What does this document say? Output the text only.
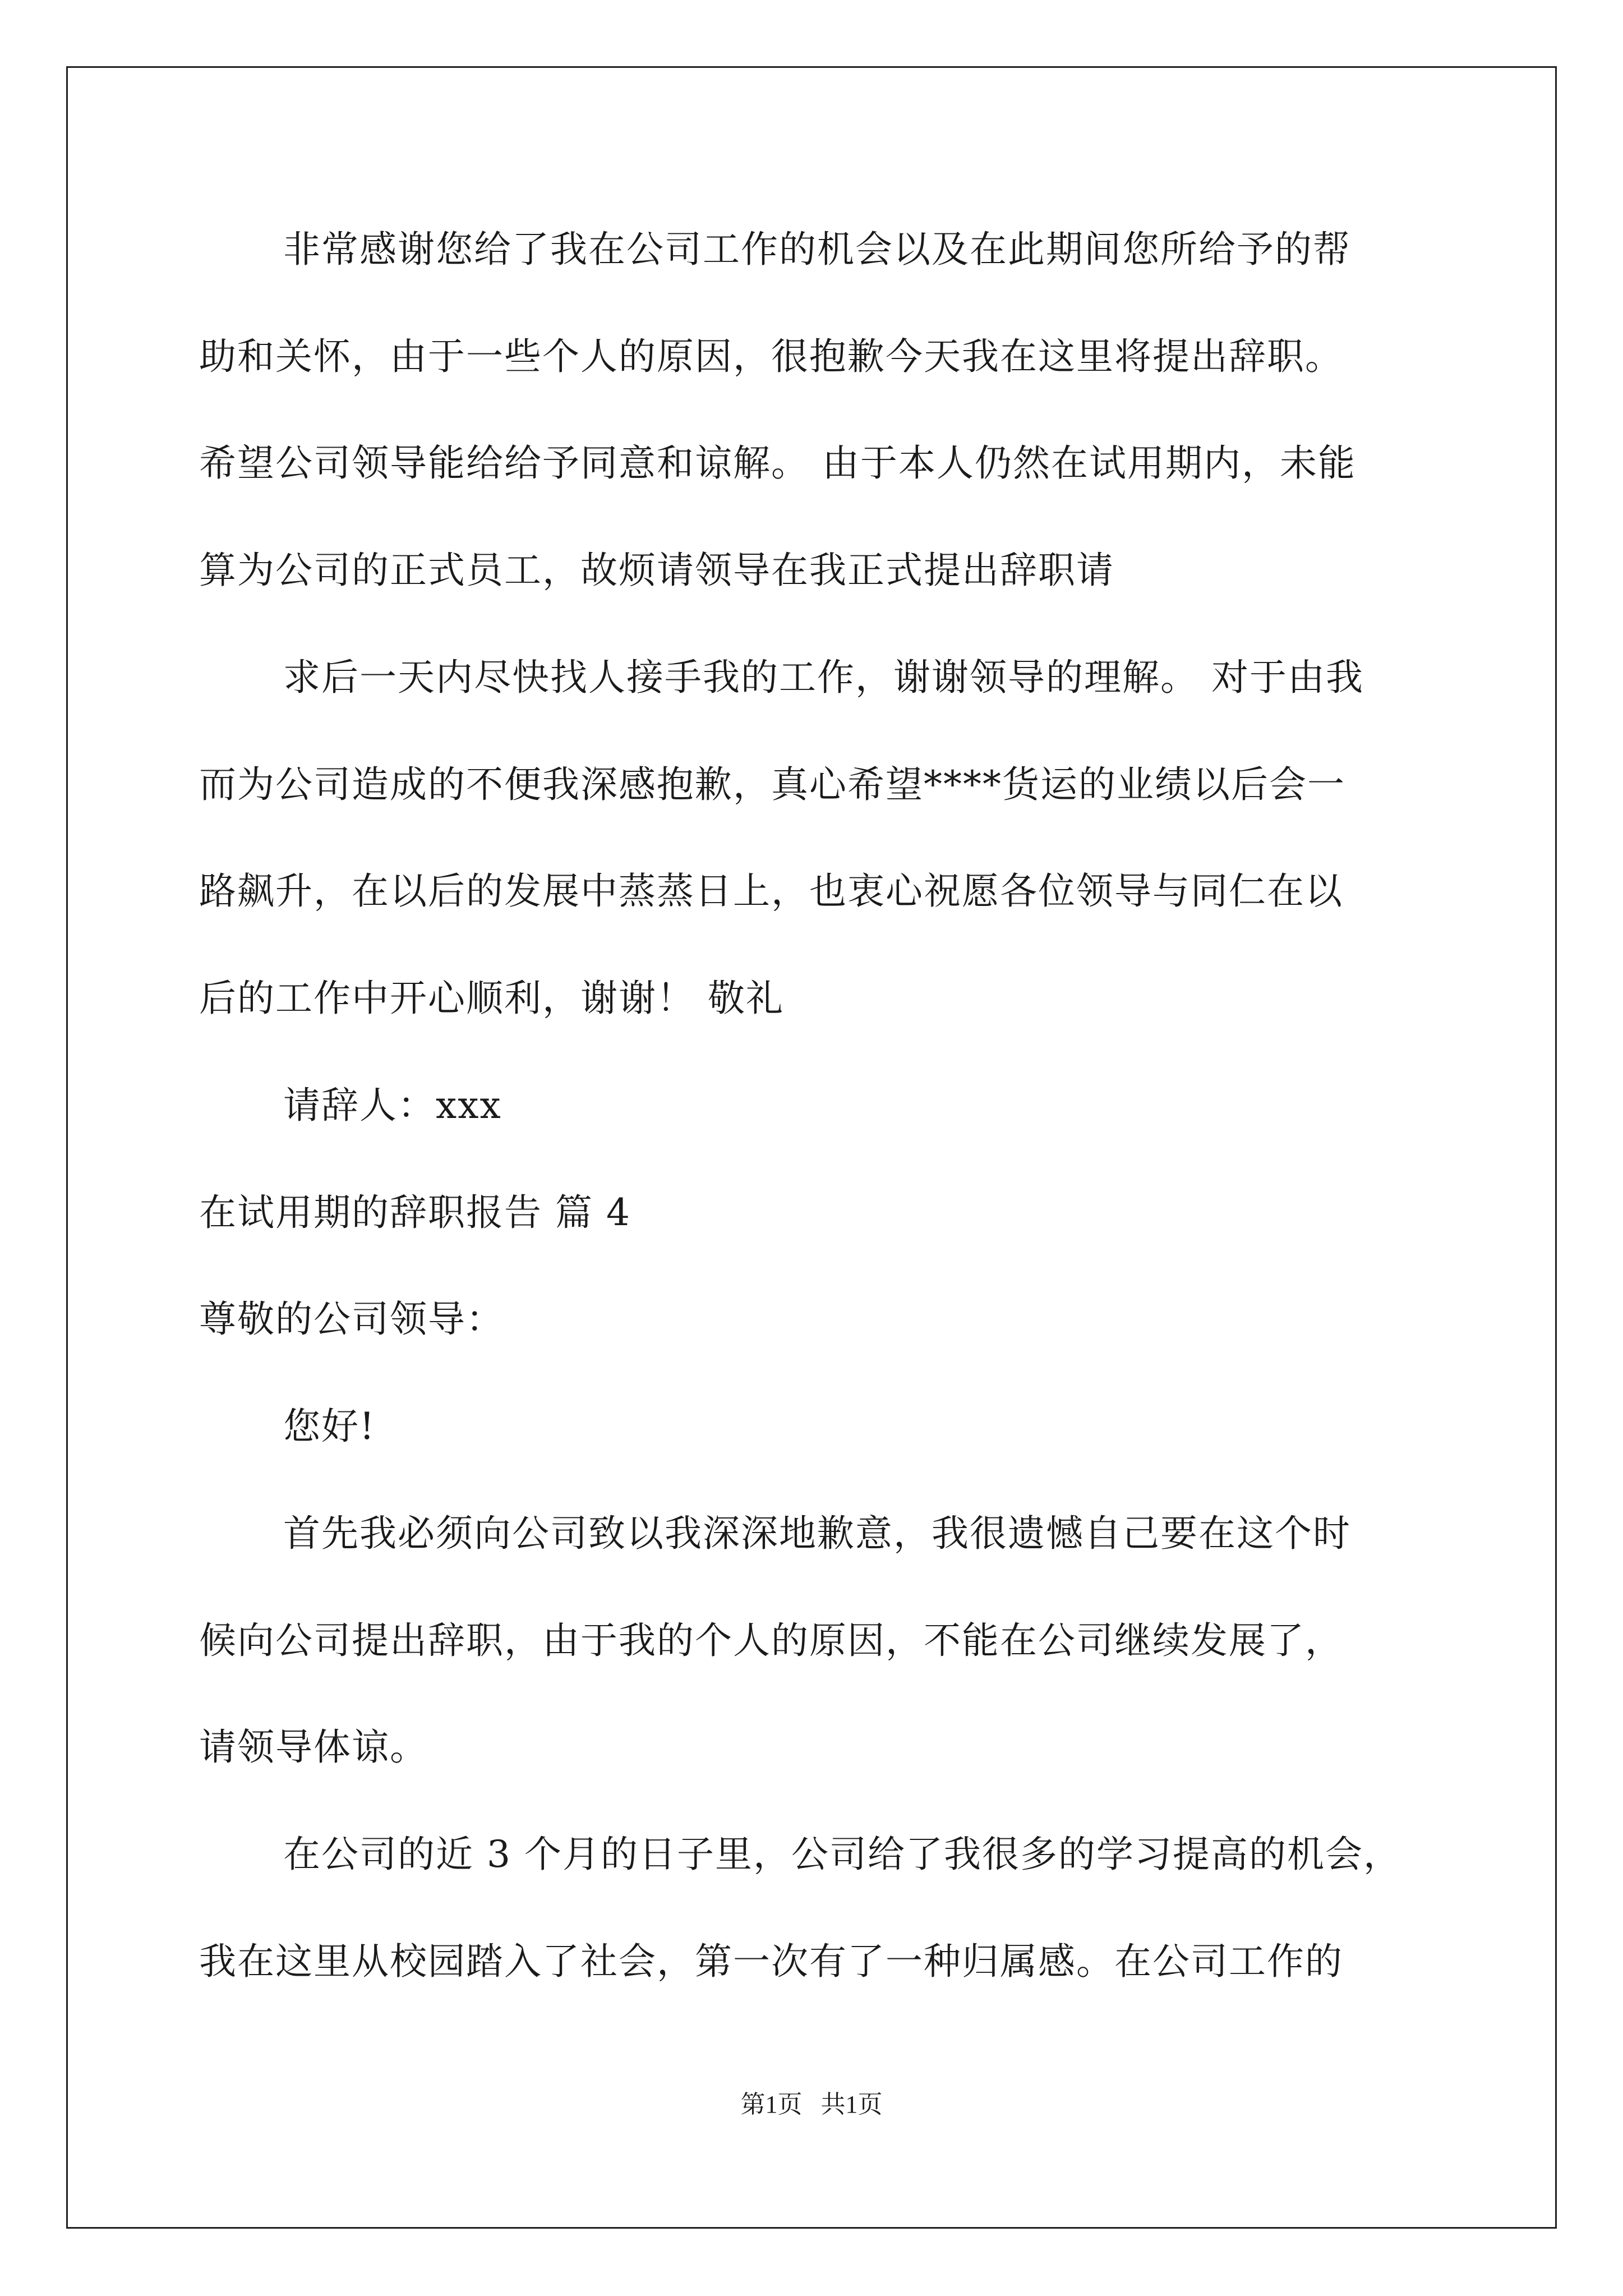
非常感谢您给了我在公司工作的机会以及在此期间您所给予的帮
助和关怀，由于一些个人的原因，很抱歉今天我在这里将提出辞职。
希望公司领导能给给予同意和谅解。 由于本人仍然在试用期内，未能
算为公司的正式员工，故烦请领导在我正式提出辞职请
求后一天内尽快找人接手我的工作，谢谢领导的理解。 对于由我
而为公司造成的不便我深感抱歉，真心希望****货运的业绩以后会一
路飙升，在以后的发展中蒸蒸日上，也衷心祝愿各位领导与同仁在以
后的工作中开心顺利，谢谢！ 敬礼
请辞人：xxx
在试用期的辞职报告 篇 4
尊敬的公司领导：
您好!
首先我必须向公司致以我深深地歉意，我很遗憾自己要在这个时
候向公司提出辞职，由于我的个人的原因，不能在公司继续发展了，
请领导体谅。
在公司的近 3 个月的日子里，公司给了我很多的学习提高的机会，
我在这里从校园踏入了社会，第一次有了一种归属感。在公司工作的
第1页   共1页
